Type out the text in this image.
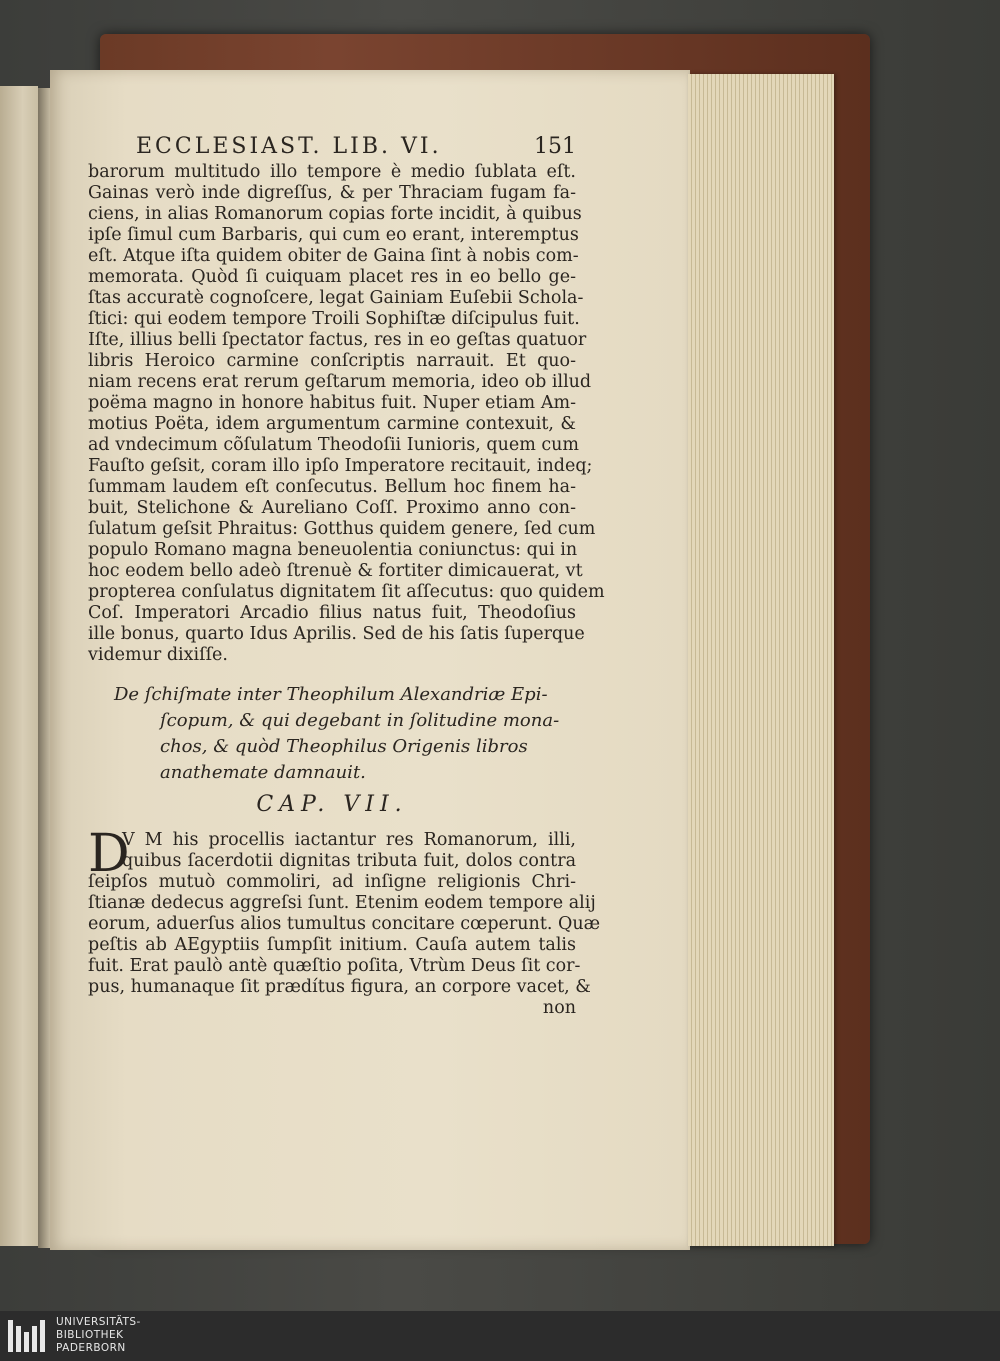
ECCLESIAST. LIB. VI.	151
barorum multitudo illo tempore è medio ſublata eſt.
Gainas verò inde digreſſus, & per Thraciam fugam fa-
ciens, in alias Romanorum copias forte incidit, à quibus
ipſe ſimul cum Barbaris, qui cum eo erant, interemptus
eſt. Atque iſta quidem obiter de Gaina ſint à nobis com-
memorata. Quòd ſi cuiquam placet res in eo bello ge-
ſtas accuratè cognoſcere, legat Gainiam Euſebii Schola-
ſtici: qui eodem tempore Troili Sophiſtæ diſcipulus fuit.
Iſte, illius belli ſpectator factus, res in eo geſtas quatuor
libris Heroico carmine conſcriptis narrauit. Et quo-
niam recens erat rerum geſtarum memoria, ideo ob illud
poëma magno in honore habitus fuit. Nuper etiam Am-
motius Poëta, idem argumentum carmine contexuit, &
ad vndecimum cõſulatum Theodoſii Iunioris, quem cum
Fauſto geſsit, coram illo ipſo Imperatore recitauit, indeq;
ſummam laudem eſt conſecutus. Bellum hoc finem ha-
buit, Stelichone & Aureliano Coſſ. Proximo anno con-
ſulatum geſsit Phraitus: Gotthus quidem genere, ſed cum
populo Romano magna beneuolentia coniunctus: qui in
hoc eodem bello adeò ſtrenuè & fortiter dimicauerat, vt
propterea conſulatus dignitatem ſit aſſecutus: quo quidem
Coſ. Imperatori Arcadio filius natus fuit, Theodoſius
ille bonus, quarto Idus Aprilis. Sed de his ſatis ſuperque
videmur dixiſſe.
De ſchiſmate inter Theophilum Alexandriæ Epi-
ſcopum, & qui degebant in ſolitudine mona-
chos, & quòd Theophilus Origenis libros
anathemate damnauit.
CAP. VII.
D
V M his procellis iactantur res Romanorum, illi,
quibus ſacerdotii dignitas tributa fuit, dolos contra
ſeipſos mutuò commoliri, ad inſigne religionis Chri-
ſtianæ dedecus aggreſsi ſunt. Etenim eodem tempore alij
eorum, aduerſus alios tumultus concitare cœperunt. Quæ
peſtis ab AEgyptiis ſumpſit initium. Cauſa autem talis
fuit. Erat paulò antè quæſtio poſita, Vtrùm Deus ſit cor-
pus, humanaque ſit prædítus figura, an corpore vacet, &
non
UNIVERSITÄTS-
BIBLIOTHEK
PADERBORN
